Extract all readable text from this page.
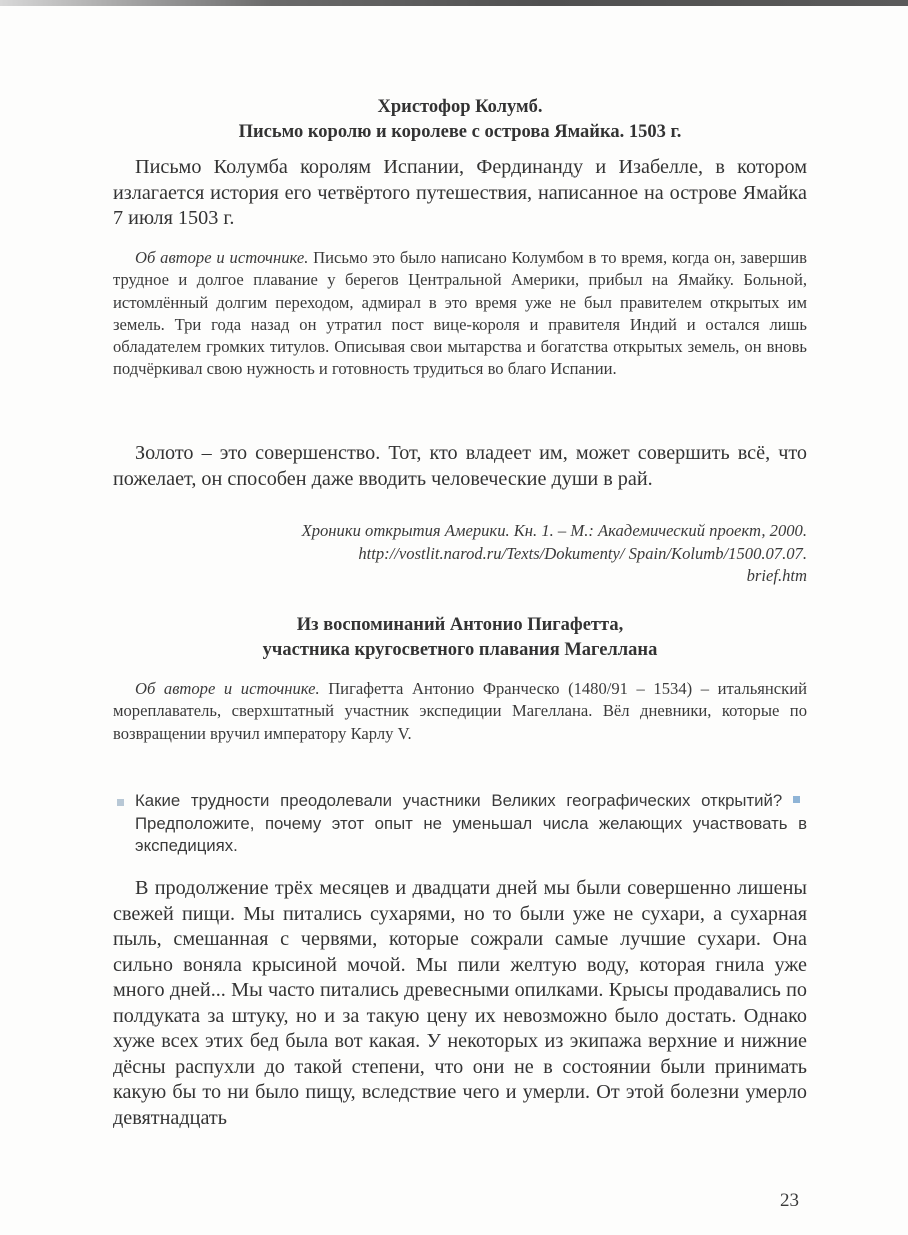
Христофор Колумб.
Письмо королю и королеве с острова Ямайка. 1503 г.

Письмо Колумба королям Испании, Фердинанду и Изабелле, в котором излагается история его четвёртого путешествия, написанное на острове Ямайка 7 июля 1503 г.

Об авторе и источнике. Письмо это было написано Колумбом в то время, когда он, завершив трудное и долгое плавание у берегов Центральной Америки, прибыл на Ямайку. Больной, истомлённый долгим переходом, адмирал в это время уже не был правителем открытых им земель. Три года назад он утратил пост вице-короля и правителя Индий и остался лишь обладателем громких титулов. Описывая свои мытарства и богатства открытых земель, он вновь подчёркивал свою нужность и готовность трудиться во благо Испании.

Золото – это совершенство. Тот, кто владеет им, может совершить всё, что пожелает, он способен даже вводить человеческие души в рай.

Хроники открытия Америки. Кн. 1. – М.: Академический проект, 2000.
http://vostlit.narod.ru/Texts/Dokumenty/ Spain/Kolumb/1500.07.07.
brief.htm
Из воспоминаний Антонио Пигафетта,
участника кругосветного плавания Магеллана

Об авторе и источнике. Пигафетта Антонио Франческо (1480/91 – 1534) – итальянский мореплаватель, сверхштатный участник экспедиции Магеллана. Вёл дневники, которые по возвращении вручил императору Карлу V.

Какие трудности преодолевали участники Великих географических открытий? Предположите, почему этот опыт не уменьшал числа желающих участвовать в экспедициях.

В продолжение трёх месяцев и двадцати дней мы были совершенно лишены свежей пищи. Мы питались сухарями, но то были уже не сухари, а сухарная пыль, смешанная с червями, которые сожрали самые лучшие сухари. Она сильно воняла крысиной мочой. Мы пили желтую воду, которая гнила уже много дней... Мы часто питались древесными опилками. Крысы продавались по полдуката за штуку, но и за такую цену их невозможно было достать. Однако хуже всех этих бед была вот какая. У некоторых из экипажа верхние и нижние дёсны распухли до такой степени, что они не в состоянии были принимать какую бы то ни было пищу, вследствие чего и умерли. От этой болезни умерло девятнадцать

23
